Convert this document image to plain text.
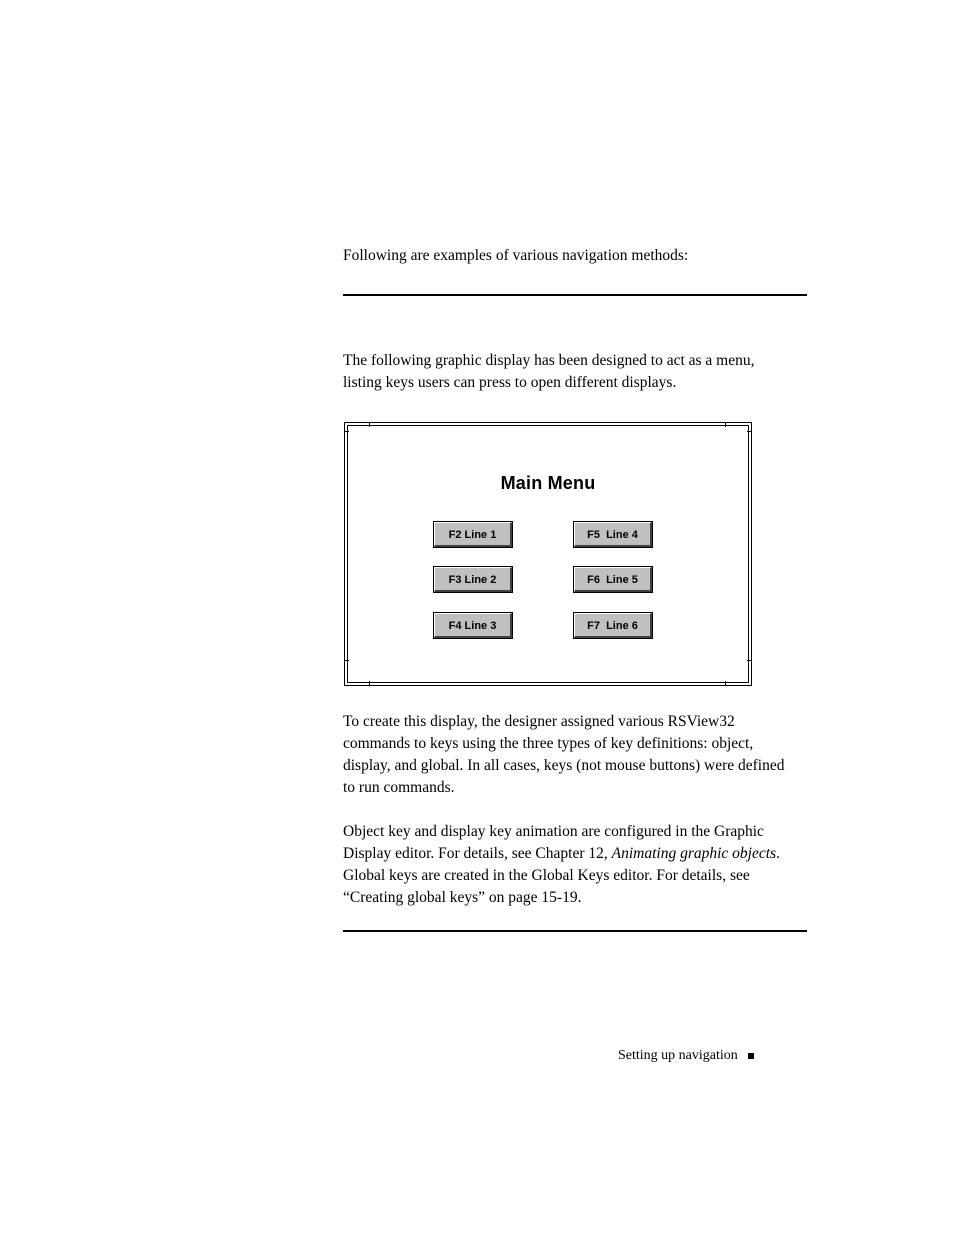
Following are examples of various navigation methods:

The following graphic display has been designed to act as a menu,
listing keys users can press to open different displays.

Main Menu
F2 Line 1
F3 Line 2
F4 Line 3
F5  Line 4
F6  Line 5
F7  Line 6

To create this display, the designer assigned various RSView32
commands to keys using the three types of key definitions: object,
display, and global. In all cases, keys (not mouse buttons) were defined
to run commands.

Object key and display key animation are configured in the Graphic
Display editor. For details, see Chapter 12, Animating graphic objects.
Global keys are created in the Global Keys editor. For details, see
“Creating global keys” on page 15-19.

Setting up navigation
